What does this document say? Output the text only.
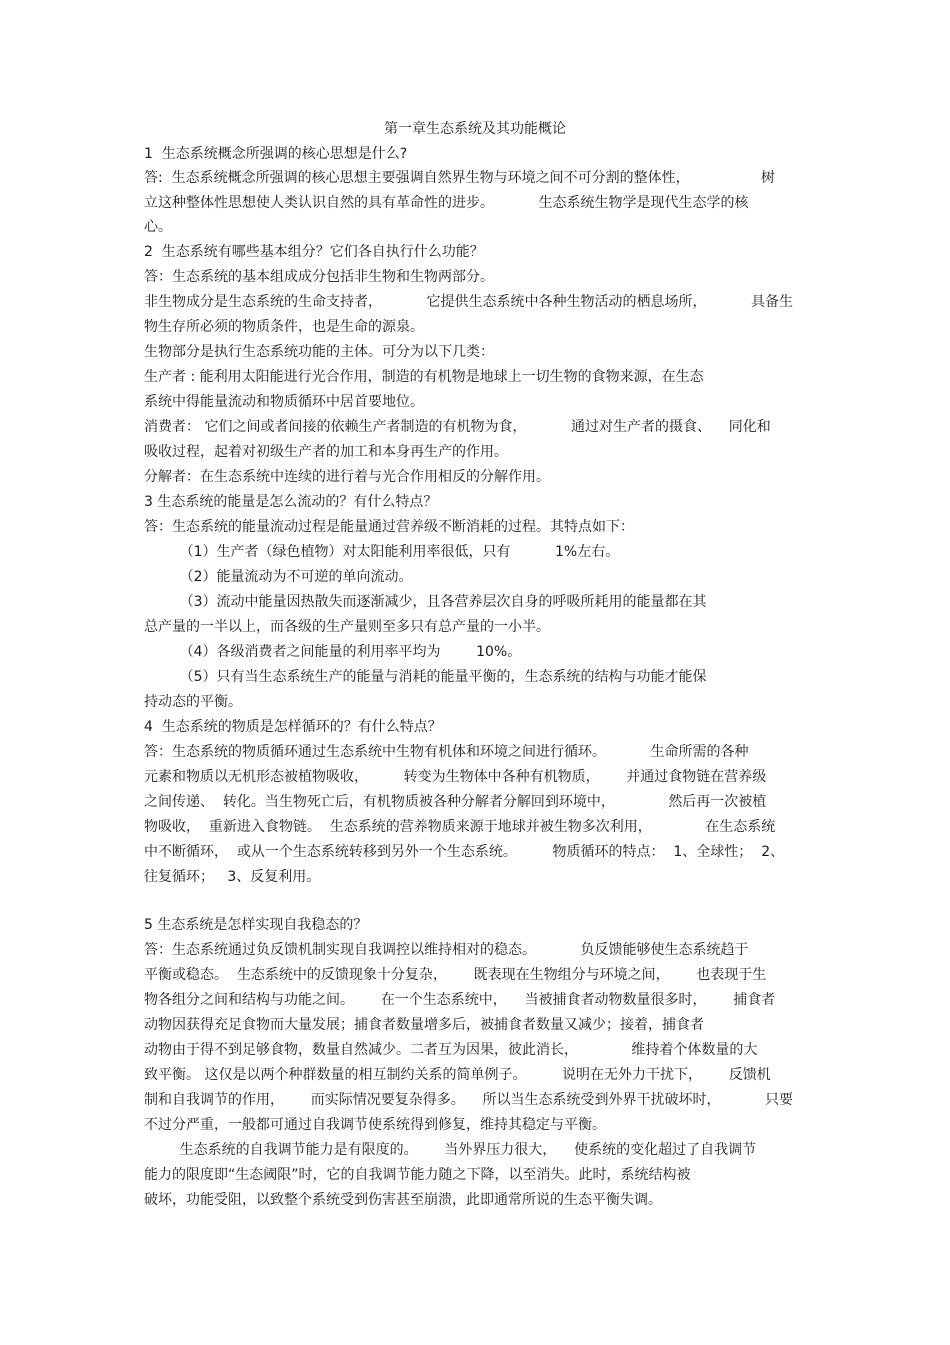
第一章生态系统及其功能概论
1  生态系统概念所强调的核心思想是什么?
答:  生态系统概念所强调的核心思想主要强调自然界生物与环境之间不可分割的整体性，                树
立这种整体性思想使人类认识自然的具有革命性的进步。          生态系统生物学是现代生态学的核
心。
2  生态系统有哪些基本组分？它们各自执行什么功能？
答：生态系统的基本组成成分包括非生物和生物两部分。
非生物成分是生态系统的生命支持者，          它提供生态系统中各种生物活动的栖息场所，          具备生
物生存所必须的物质条件，也是生命的源泉。
生物部分是执行生态系统功能的主体。可分为以下几类：
生产者 : 能利用太阳能进行光合作用，制造的有机物是地球上一切生物的食物来源，在生态
系统中得能量流动和物质循环中居首要地位。
消费者： 它们之间或者间接的依赖生产者制造的有机物为食，          通过对生产者的摄食、    同化和
吸收过程，起着对初级生产者的加工和本身再生产的作用。
分解者：在生态系统中连续的进行着与光合作用相反的分解作用。
3 生态系统的能量是怎么流动的？有什么特点？
答：生态系统的能量流动过程是能量通过营养级不断消耗的过程。其特点如下：
（1）生产者（绿色植物）对太阳能利用率很低，只有          1%左右。
（2）能量流动为不可逆的单向流动。
（3）流动中能量因热散失而逐渐减少，且各营养层次自身的呼吸所耗用的能量都在其
总产量的一半以上，而各级的生产量则至多只有总产量的一小半。
（4）各级消费者之间能量的利用率平均为        10%。
（5）只有当生态系统生产的能量与消耗的能量平衡的，生态系统的结构与功能才能保
持动态的平衡。
4  生态系统的物质是怎样循环的？有什么特点？
答：生态系统的物质循环通过生态系统中生物有机体和环境之间进行循环。          生命所需的各种
元素和物质以无机形态被植物吸收，        转变为生物体中各种有机物质，      并通过食物链在营养级
之间传递、  转化。当生物死亡后，有机物质被各种分解者分解回到环境中，            然后再一次被植
物吸收，  重新进入食物链。  生态系统的营养物质来源于地球并被生物多次利用，            在生态系统
中不断循环，  或从一个生态系统转移到另外一个生态系统。        物质循环的特点：  1、全球性；  2、
往复循环；   3、反复利用。
5 生态系统是怎样实现自我稳态的？
答：生态系统通过负反馈机制实现自我调控以维持相对的稳态。          负反馈能够使生态系统趋于
平衡或稳态。  生态系统中的反馈现象十分复杂，      既表现在生物组分与环境之间，      也表现于生
物各组分之间和结构与功能之间。      在一个生态系统中，    当被捕食者动物数量很多时，      捕食者
动物因获得充足食物而大量发展；捕食者数量增多后，被捕食者数量又减少；接着，捕食者
动物由于得不到足够食物，数量自然减少。二者互为因果，彼此消长，            维持着个体数量的大
致平衡。 这仅是以两个种群数量的相互制约关系的简单例子。        说明在无外力干扰下，      反馈机
制和自我调节的作用，      而实际情况要复杂得多。    所以当生态系统受到外界干扰破坏时，          只要
不过分严重，一般都可通过自我调节使系统得到修复，维持其稳定与平衡。
生态系统的自我调节能力是有限度的。      当外界压力很大，    使系统的变化超过了自我调节
能力的限度即“生态阈限”时，它的自我调节能力随之下降，以至消失。此时，系统结构被
破坏，功能受阻，以致整个系统受到伤害甚至崩溃，此即通常所说的生态平衡失调。
